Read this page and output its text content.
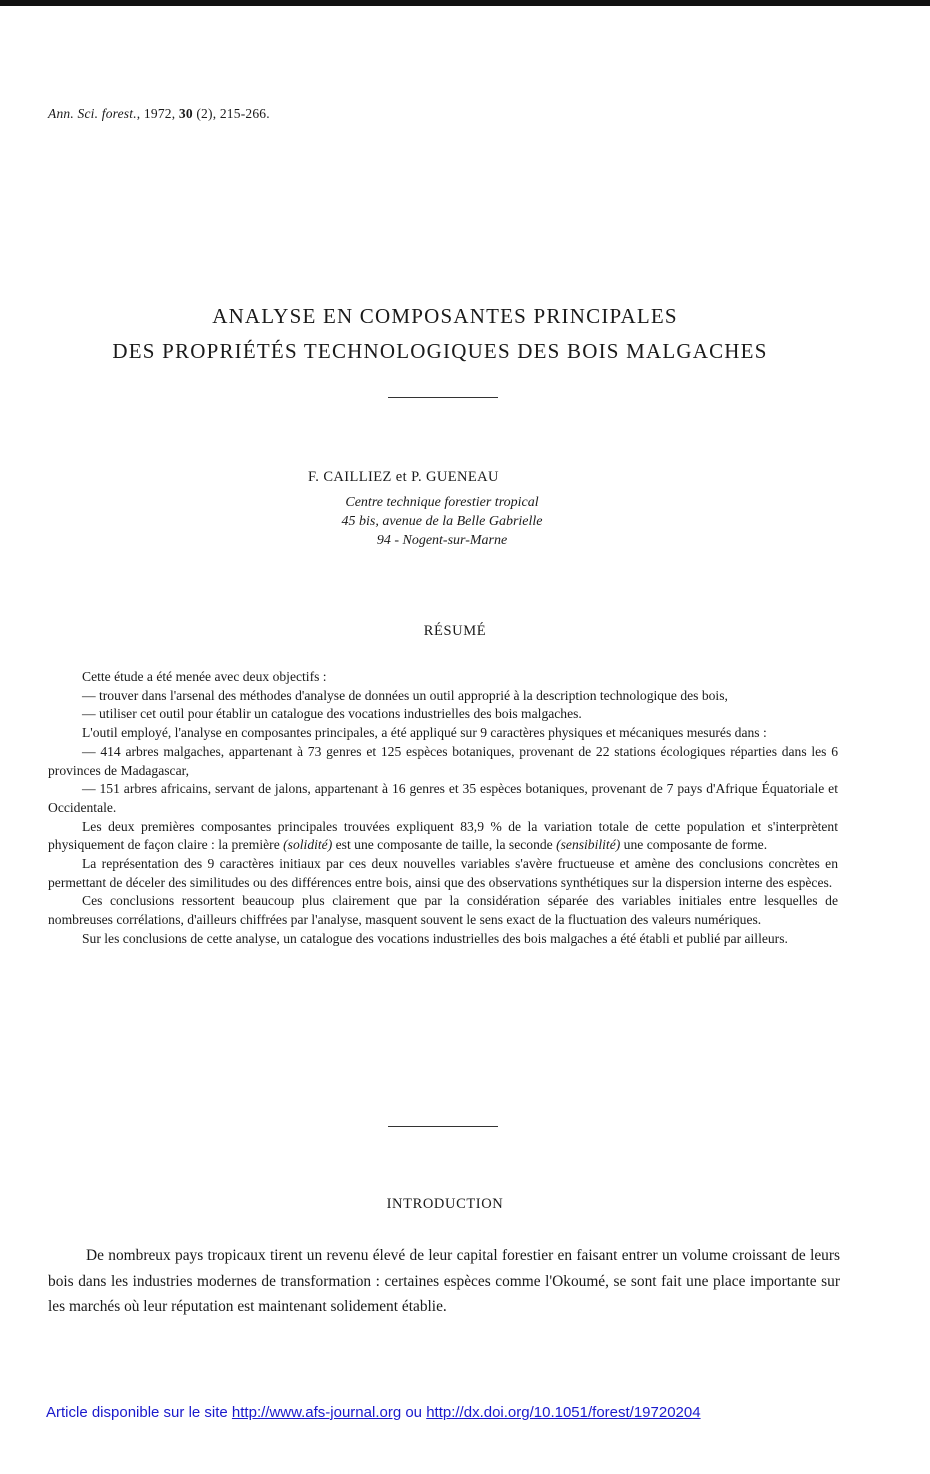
Ann. Sci. forest., 1972, 30 (2), 215-266.
ANALYSE EN COMPOSANTES PRINCIPALES
DES PROPRIÉTÉS TECHNOLOGIQUES DES BOIS MALGACHES
F. CAILLIEZ et P. GUENEAU
Centre technique forestier tropical
45 bis, avenue de la Belle Gabrielle
94 - Nogent-sur-Marne
RÉSUMÉ

Cette étude a été menée avec deux objectifs :

— trouver dans l'arsenal des méthodes d'analyse de données un outil approprié à la description technologique des bois,

— utiliser cet outil pour établir un catalogue des vocations industrielles des bois malgaches.

L'outil employé, l'analyse en composantes principales, a été appliqué sur 9 caractères physiques et mécaniques mesurés dans :

— 414 arbres malgaches, appartenant à 73 genres et 125 espèces botaniques, provenant de 22 stations écologiques réparties dans les 6 provinces de Madagascar,

— 151 arbres africains, servant de jalons, appartenant à 16 genres et 35 espèces botaniques, provenant de 7 pays d'Afrique Équatoriale et Occidentale.

Les deux premières composantes principales trouvées expliquent 83,9 % de la variation totale de cette population et s'interprètent physiquement de façon claire : la première (solidité) est une composante de taille, la seconde (sensibilité) une composante de forme.

La représentation des 9 caractères initiaux par ces deux nouvelles variables s'avère fructueuse et amène des conclusions concrètes en permettant de déceler des similitudes ou des différences entre bois, ainsi que des observations synthétiques sur la dispersion interne des espèces.

Ces conclusions ressortent beaucoup plus clairement que par la considération séparée des variables initiales entre lesquelles de nombreuses corrélations, d'ailleurs chiffrées par l'analyse, masquent souvent le sens exact de la fluctuation des valeurs numériques.

Sur les conclusions de cette analyse, un catalogue des vocations industrielles des bois malgaches a été établi et publié par ailleurs.

INTRODUCTION

De nombreux pays tropicaux tirent un revenu élevé de leur capital forestier en faisant entrer un volume croissant de leurs bois dans les industries modernes de transformation : certaines espèces comme l'Okoumé, se sont fait une place importante sur les marchés où leur réputation est maintenant solidement établie.

Article disponible sur le site http://www.afs-journal.org ou http://dx.doi.org/10.1051/forest/19720204
